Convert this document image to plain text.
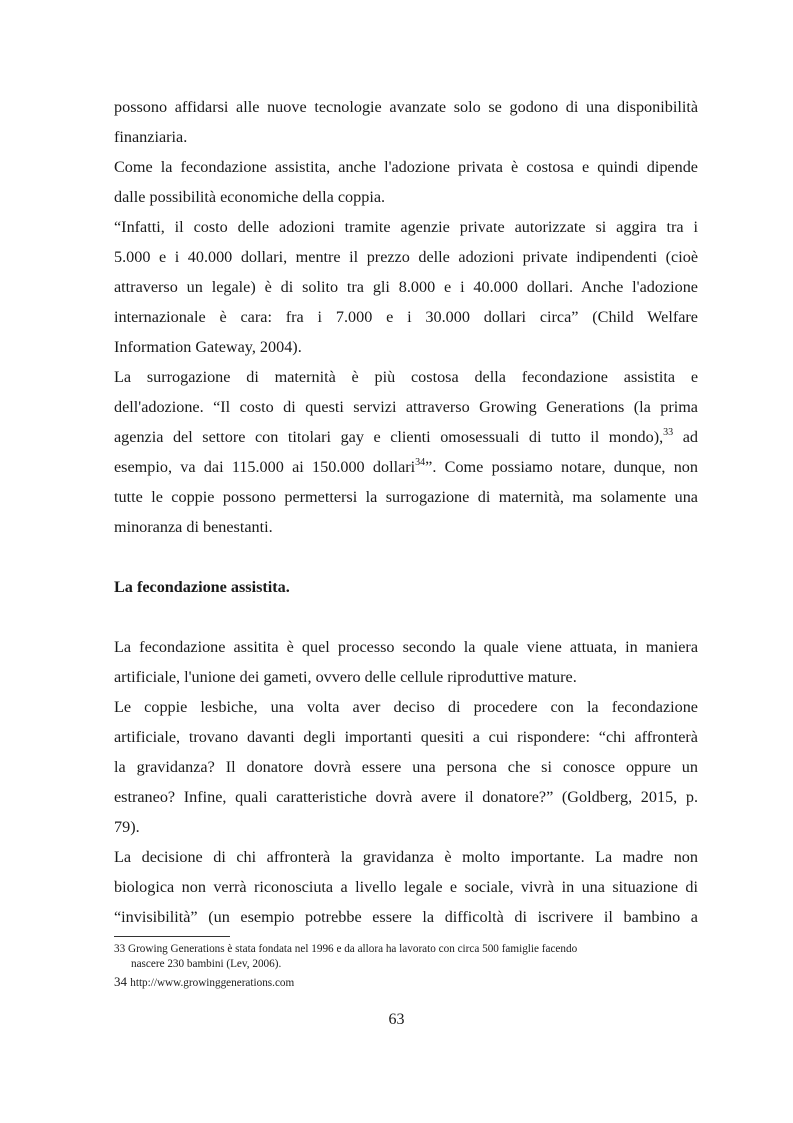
possono affidarsi alle nuove tecnologie avanzate solo se godono di una disponibilità
finanziaria.
Come la fecondazione assistita, anche l'adozione privata è costosa e quindi dipende
dalle possibilità economiche della coppia.
“Infatti, il costo delle adozioni tramite agenzie private autorizzate si aggira tra i
5.000 e i 40.000 dollari, mentre il prezzo delle adozioni private indipendenti (cioè
attraverso un legale) è di solito tra gli 8.000 e i 40.000 dollari. Anche l'adozione
internazionale è cara: fra i 7.000 e i 30.000 dollari circa” (Child Welfare
Information Gateway, 2004).
La surrogazione di maternità è più costosa della fecondazione assistita e
dell'adozione. “Il costo di questi servizi attraverso Growing Generations (la prima
agenzia del settore con titolari gay e clienti omosessuali di tutto il mondo),$^{33}$ ad
esempio, va dai 115.000 ai 150.000 dollari$^{34}$”. Come possiamo notare, dunque, non
tutte le coppie possono permettersi la surrogazione di maternità, ma solamente una
minoranza di benestanti.
La fecondazione assistita.
La fecondazione assitita è quel processo secondo la quale viene attuata, in maniera
artificiale, l'unione dei gameti, ovvero delle cellule riproduttive mature.
Le coppie lesbiche, una volta aver deciso di procedere con la fecondazione
artificiale, trovano davanti degli importanti quesiti a cui rispondere: “chi affronterà
la gravidanza? Il donatore dovrà essere una persona che si conosce oppure un
estraneo? Infine, quali caratteristiche dovrà avere il donatore?” (Goldberg, 2015, p.
79).
La decisione di chi affronterà la gravidanza è molto importante. La madre non
biologica non verrà riconosciuta a livello legale e sociale, vivrà in una situazione di
“invisibilità” (un esempio potrebbe essere la difficoltà di iscrivere il bambino a
33 Growing Generations è stata fondata nel 1996 e da allora ha lavorato con circa 500 famiglie facendo
nascere 230 bambini (Lev, 2006).
34 http://www.growinggenerations.com
63
